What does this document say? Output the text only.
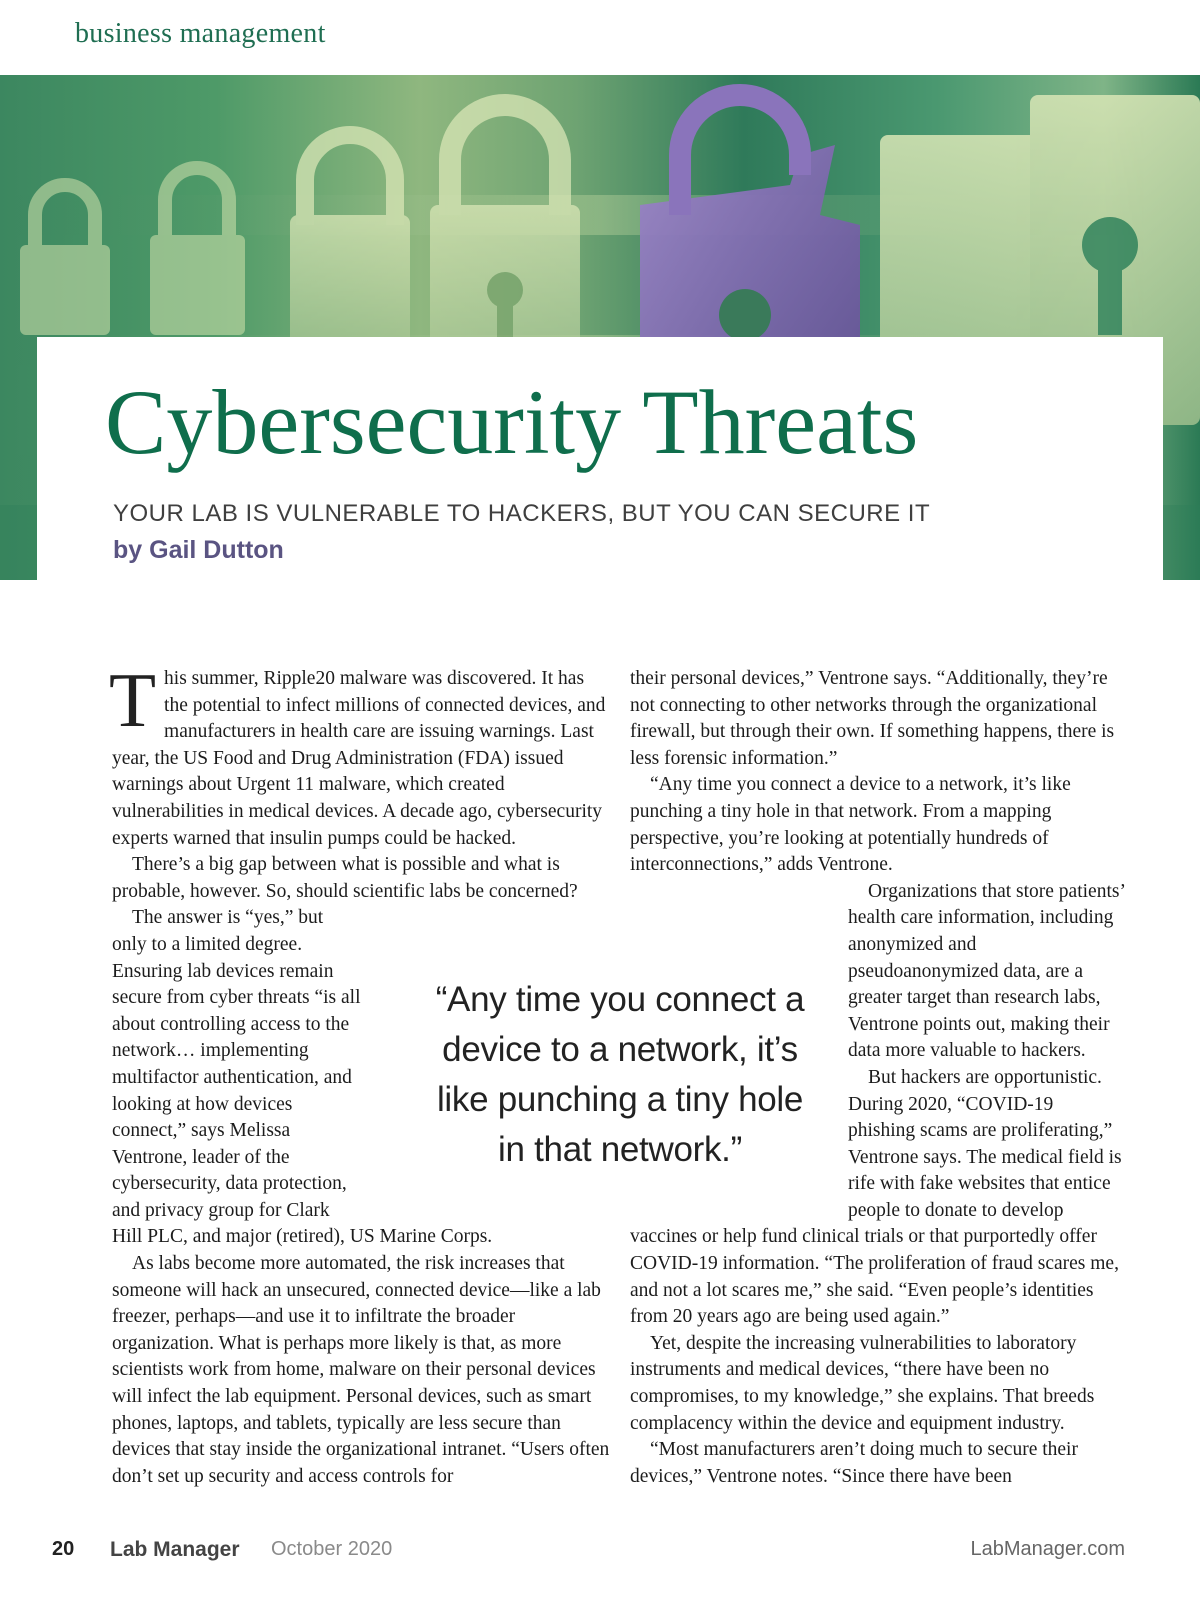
business management
Cybersecurity Threats
YOUR LAB IS VULNERABLE TO HACKERS, BUT YOU CAN SECURE IT
by Gail Dutton
T his summer, Ripple20 malware was discovered. It has the potential to infect millions of connected devices, and manufacturers in health care are issuing warnings. Last year, the US Food and Drug Administration (FDA) issued warnings about Urgent 11 malware, which created vulnerabilities in medical devices. A decade ago, cybersecurity experts warned that insulin pumps could be hacked.

There’s a big gap between what is possible and what is probable, however. So, should scientific labs be concerned?

The answer is “yes,” but only to a limited degree. Ensuring lab devices remain secure from cyber threats “is all about controlling access to the network… implementing multifactor authentication, and looking at how devices connect,” says Melissa Ventrone, leader of the cybersecurity, data protection, and privacy group for Clark Hill PLC, and major (retired), US Marine Corps.

As labs become more automated, the risk increases that someone will hack an unsecured, connected device—like a lab freezer, perhaps—and use it to infiltrate the broader organization. What is perhaps more likely is that, as more scientists work from home, malware on their personal devices will infect the lab equipment. Personal devices, such as smart phones, laptops, and tablets, typically are less secure than devices that stay inside the organizational intranet. “Users often don’t set up security and access controls for

their personal devices,” Ventrone says. “Additionally, they’re not connecting to other networks through the organizational firewall, but through their own. If something happens, there is less forensic information.”

“Any time you connect a device to a network, it’s like punching a tiny hole in that network. From a mapping perspective, you’re looking at potentially hundreds of interconnections,” adds Ventrone.

Organizations that store patients’ health care information, including anonymized and pseudoanonymized data, are a greater target than research labs, Ventrone points out, making their data more valuable to hackers.

But hackers are opportunistic. During 2020, “COVID-19 phishing scams are proliferating,” Ventrone says. The medical field is rife with fake websites that entice people to donate to develop vaccines or help fund clinical trials or that purportedly offer COVID-19 information. “The proliferation of fraud scares me, and not a lot scares me,” she said. “Even people’s identities from 20 years ago are being used again.”

Yet, despite the increasing vulnerabilities to laboratory instruments and medical devices, “there have been no compromises, to my knowledge,” she explains. That breeds complacency within the device and equipment industry.

“Most manufacturers aren’t doing much to secure their devices,” Ventrone notes. “Since there have been

“Any time you connect a device to a network, it’s like punching a tiny hole in that network.”
20 Lab Manager October 2020	LabManager.com
